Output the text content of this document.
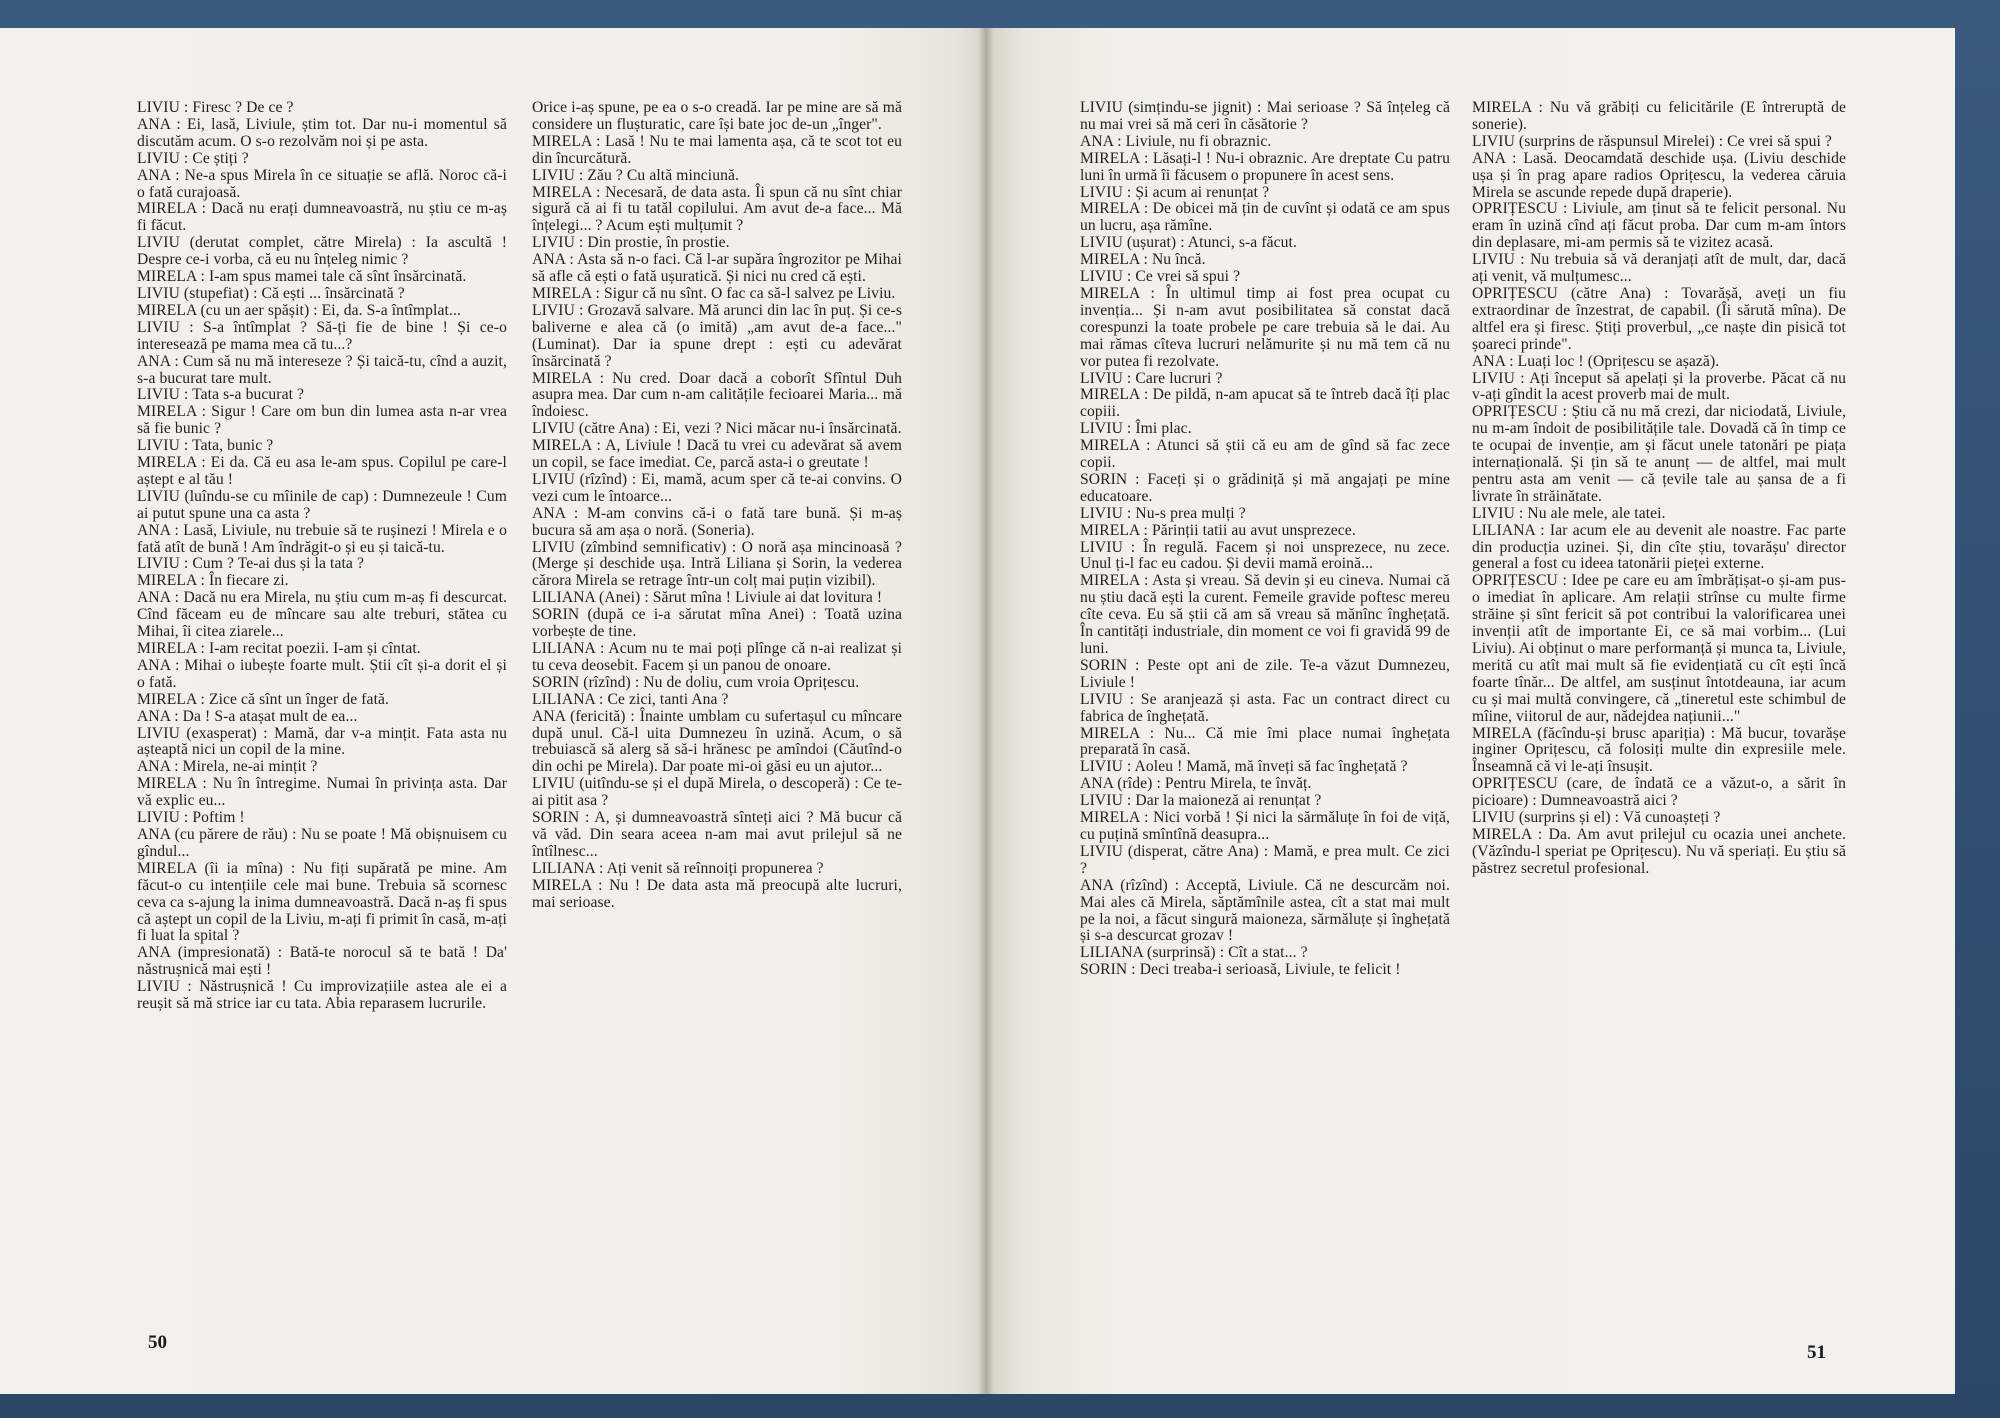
LIVIU : Firesc ? De ce ?

ANA : Ei, lasă, Liviule, știm tot. Dar nu-i momentul să discutăm acum. O s-o rezolvăm noi și pe asta.

LIVIU : Ce știți ?

ANA : Ne-a spus Mirela în ce situație se află. Noroc că-i o fată curajoasă.

MIRELA : Dacă nu erați dumneavoastră, nu știu ce m-aș fi făcut.

LIVIU (derutat complet, către Mirela) : Ia ascultă ! Despre ce-i vorba, că eu nu înțeleg nimic ?

MIRELA : I-am spus mamei tale că sînt însărcinată.

LIVIU (stupefiat) : Că ești ... însărcinată ?

MIRELA (cu un aer spășit) : Ei, da. S-a întîmplat...

LIVIU : S-a întîmplat ? Să-ți fie de bine ! Și ce-o interesează pe mama mea că tu...?

ANA : Cum să nu mă intereseze ? Și taică-tu, cînd a auzit, s-a bucurat tare mult.

LIVIU : Tata s-a bucurat ?

MIRELA : Sigur ! Care om bun din lumea asta n-ar vrea să fie bunic ?

LIVIU : Tata, bunic ?

MIRELA : Ei da. Că eu asa le-am spus. Copilul pe care-l aștept e al tău !

LIVIU (luîndu-se cu mîinile de cap) : Dumnezeule ! Cum ai putut spune una ca asta ?

ANA : Lasă, Liviule, nu trebuie să te rușinezi ! Mirela e o fată atît de bună ! Am îndrăgit-o și eu și taică-tu.

LIVIU : Cum ? Te-ai dus și la tata ?

MIRELA : În fiecare zi.

ANA : Dacă nu era Mirela, nu știu cum m-aș fi descurcat. Cînd făceam eu de mîncare sau alte treburi, stătea cu Mihai, îi citea ziarele...

MIRELA : I-am recitat poezii. I-am și cîntat.

ANA : Mihai o iubește foarte mult. Știi cît și-a dorit el și o fată.

MIRELA : Zice că sînt un înger de fată.

ANA : Da ! S-a atașat mult de ea...

LIVIU (exasperat) : Mamă, dar v-a mințit. Fata asta nu așteaptă nici un copil de la mine.

ANA : Mirela, ne-ai mințit ?

MIRELA : Nu în întregime. Numai în privința asta. Dar vă explic eu...

LIVIU : Poftim !

ANA (cu părere de rău) : Nu se poate ! Mă obișnuisem cu gîndul...

MIRELA (îi ia mîna) : Nu fiți supărată pe mine. Am făcut-o cu intențiile cele mai bune. Trebuia să scornesc ceva ca s-ajung la inima dumneavoastră. Dacă n-aș fi spus că aștept un copil de la Liviu, m-ați fi primit în casă, m-ați fi luat la spital ?

ANA (impresionată) : Bată-te norocul să te bată ! Da' năstrușnică mai ești !

LIVIU : Năstrușnică ! Cu improvizațiile astea ale ei a reușit să mă strice iar cu tata. Abia reparasem lucrurile.

Orice i-aș spune, pe ea o s-o creadă. Iar pe mine are să mă considere un flușturatic, care își bate joc de-un „înger".

MIRELA : Lasă ! Nu te mai lamenta așa, că te scot tot eu din încurcătură.

LIVIU : Zău ? Cu altă minciună.

MIRELA : Necesară, de data asta. Îi spun că nu sînt chiar sigură că ai fi tu tatăl copilului. Am avut de-a face... Mă înțelegi... ? Acum ești mulțumit ?

LIVIU : Din prostie, în prostie.

ANA : Asta să n-o faci. Că l-ar supăra îngrozitor pe Mihai să afle că ești o fată ușuratică. Și nici nu cred că ești.

MIRELA : Sigur că nu sînt. O fac ca să-l salvez pe Liviu.

LIVIU : Grozavă salvare. Mă arunci din lac în puț. Și ce-s baliverne e alea că (o imită) „am avut de-a face..." (Luminat). Dar ia spune drept : ești cu adevărat însărcinată ?

MIRELA : Nu cred. Doar dacă a coborît Sfîntul Duh asupra mea. Dar cum n-am calitățile fecioarei Maria... mă îndoiesc.

LIVIU (către Ana) : Ei, vezi ? Nici măcar nu-i însărcinată.

MIRELA : A, Liviule ! Dacă tu vrei cu adevărat să avem un copil, se face imediat. Ce, parcă asta-i o greutate !

LIVIU (rîzînd) : Ei, mamă, acum sper că te-ai convins. O vezi cum le întoarce...

ANA : M-am convins că-i o fată tare bună. Și m-aș bucura să am așa o noră. (Soneria).

LIVIU (zîmbind semnificativ) : O noră așa mincinoasă ? (Merge și deschide ușa. Intră Liliana și Sorin, la vederea cărora Mirela se retrage într-un colț mai puțin vizibil).

LILIANA (Anei) : Sărut mîna ! Liviule ai dat lovitura !

SORIN (după ce i-a sărutat mîna Anei) : Toată uzina vorbește de tine.

LILIANA : Acum nu te mai poți plînge că n-ai realizat și tu ceva deosebit. Facem și un panou de onoare.

SORIN (rîzînd) : Nu de doliu, cum vroia Oprițescu.

LILIANA : Ce zici, tanti Ana ?

ANA (fericită) : Înainte umblam cu sufertașul cu mîncare după unul. Că-l uita Dumnezeu în uzină. Acum, o să trebuiască să alerg să să-i hrănesc pe amîndoi (Căutînd-o din ochi pe Mirela). Dar poate mi-oi găsi eu un ajutor...

LIVIU (uitîndu-se și el după Mirela, o descoperă) : Ce te-ai pitit asa ?

SORIN : A, și dumneavoastră sînteți aici ? Mă bucur că vă văd. Din seara aceea n-am mai avut prilejul să ne întîlnesc...

LILIANA : Ați venit să reînnoiți propunerea ?

MIRELA : Nu ! De data asta mă preocupă alte lucruri, mai serioase.

50

LIVIU (simțindu-se jignit) : Mai serioase ? Să înțeleg că nu mai vrei să mă ceri în căsătorie ?

ANA : Liviule, nu fi obraznic.

MIRELA : Lăsați-l ! Nu-i obraznic. Are dreptate Cu patru luni în urmă îi făcusem o propunere în acest sens.

LIVIU : Și acum ai renunțat ?

MIRELA : De obicei mă țin de cuvînt și odată ce am spus un lucru, așa rămîne.

LIVIU (ușurat) : Atunci, s-a făcut.

MIRELA : Nu încă.

LIVIU : Ce vrei să spui ?

MIRELA : În ultimul timp ai fost prea ocupat cu invenția... Și n-am avut posibilitatea să constat dacă corespunzi la toate probele pe care trebuia să le dai. Au mai rămas cîteva lucruri nelămurite și nu mă tem că nu vor putea fi rezolvate.

LIVIU : Care lucruri ?

MIRELA : De pildă, n-am apucat să te întreb dacă îți plac copiii.

LIVIU : Îmi plac.

MIRELA : Atunci să știi că eu am de gînd să fac zece copii.

SORIN : Faceți și o grădiniță și mă angajați pe mine educatoare.

LIVIU : Nu-s prea mulți ?

MIRELA : Părinții tatii au avut unsprezece.

LIVIU : În regulă. Facem și noi unsprezece, nu zece. Unul ți-l fac eu cadou. Și devii mamă eroină...

MIRELA : Asta și vreau. Să devin și eu cineva. Numai că nu știu dacă ești la curent. Femeile gravide poftesc mereu cîte ceva. Eu să știi că am să vreau să mănînc înghețată. În cantități industriale, din moment ce voi fi gravidă 99 de luni.

SORIN : Peste opt ani de zile. Te-a văzut Dumnezeu, Liviule !

LIVIU : Se aranjează și asta. Fac un contract direct cu fabrica de înghețată.

MIRELA : Nu... Că mie îmi place numai înghețata preparată în casă.

LIVIU : Aoleu ! Mamă, mă înveți să fac înghețată ?

ANA (rîde) : Pentru Mirela, te învăț.

LIVIU : Dar la maioneză ai renunțat ?

MIRELA : Nici vorbă ! Și nici la sărmăluțe în foi de viță, cu puțină smîntînă deasupra...

LIVIU (disperat, către Ana) : Mamă, e prea mult. Ce zici ?

ANA (rîzînd) : Acceptă, Liviule. Că ne descurcăm noi. Mai ales că Mirela, săptămînile astea, cît a stat mai mult pe la noi, a făcut singură maioneza, sărmăluțe și înghețată și s-a descurcat grozav !

LILIANA (surprinsă) : Cît a stat... ?

SORIN : Deci treaba-i serioasă, Liviule, te felicit !

MIRELA : Nu vă grăbiți cu felicitările (E întreruptă de sonerie).

LIVIU (surprins de răspunsul Mirelei) : Ce vrei să spui ?

ANA : Lasă. Deocamdată deschide ușa. (Liviu deschide ușa și în prag apare radios Oprițescu, la vederea căruia Mirela se ascunde repede după draperie).

OPRIȚESCU : Liviule, am ținut să te felicit personal. Nu eram în uzină cînd ați făcut proba. Dar cum m-am întors din deplasare, mi-am permis să te vizitez acasă.

LIVIU : Nu trebuia să vă deranjați atît de mult, dar, dacă ați venit, vă mulțumesc...

OPRIȚESCU (către Ana) : Tovarășă, aveți un fiu extraordinar de înzestrat, de capabil. (Îi sărută mîna). De altfel era și firesc. Știți proverbul, „ce naște din pisică tot șoareci prinde".

ANA : Luați loc ! (Oprițescu se așază).

LIVIU : Ați început să apelați și la proverbe. Păcat că nu v-ați gîndit la acest proverb mai de mult.

OPRIȚESCU : Știu că nu mă crezi, dar niciodată, Liviule, nu m-am îndoit de posibilitățile tale. Dovadă că în timp ce te ocupai de invenție, am și făcut unele tatonări pe piața internațională. Și țin să te anunț — de altfel, mai mult pentru asta am venit — că țevile tale au șansa de a fi livrate în străinătate.

LIVIU : Nu ale mele, ale tatei.

LILIANA : Iar acum ele au devenit ale noastre. Fac parte din producția uzinei. Și, din cîte știu, tovarășu' director general a fost cu ideea tatonării pieței externe.

OPRIȚESCU : Idee pe care eu am îmbrățișat-o și-am pus-o imediat în aplicare. Am relații strînse cu multe firme străine și sînt fericit să pot contribui la valorificarea unei invenții atît de importante Ei, ce să mai vorbim... (Lui Liviu). Ai obținut o mare performanță și munca ta, Liviule, merită cu atît mai mult să fie evidențiată cu cît ești încă foarte tînăr... De altfel, am susținut întotdeauna, iar acum cu și mai multă convingere, că „tineretul este schimbul de mîine, viitorul de aur, nădejdea națiunii..."

MIRELA (făcîndu-și brusc apariția) : Mă bucur, tovarășe inginer Oprițescu, că folosiți multe din expresiile mele. Înseamnă că vi le-ați însușit.

OPRIȚESCU (care, de îndată ce a văzut-o, a sărit în picioare) : Dumneavoastră aici ?

LIVIU (surprins și el) : Vă cunoașteți ?

MIRELA : Da. Am avut prilejul cu ocazia unei anchete. (Văzîndu-l speriat pe Oprițescu). Nu vă speriați. Eu știu să păstrez secretul profesional.

51
